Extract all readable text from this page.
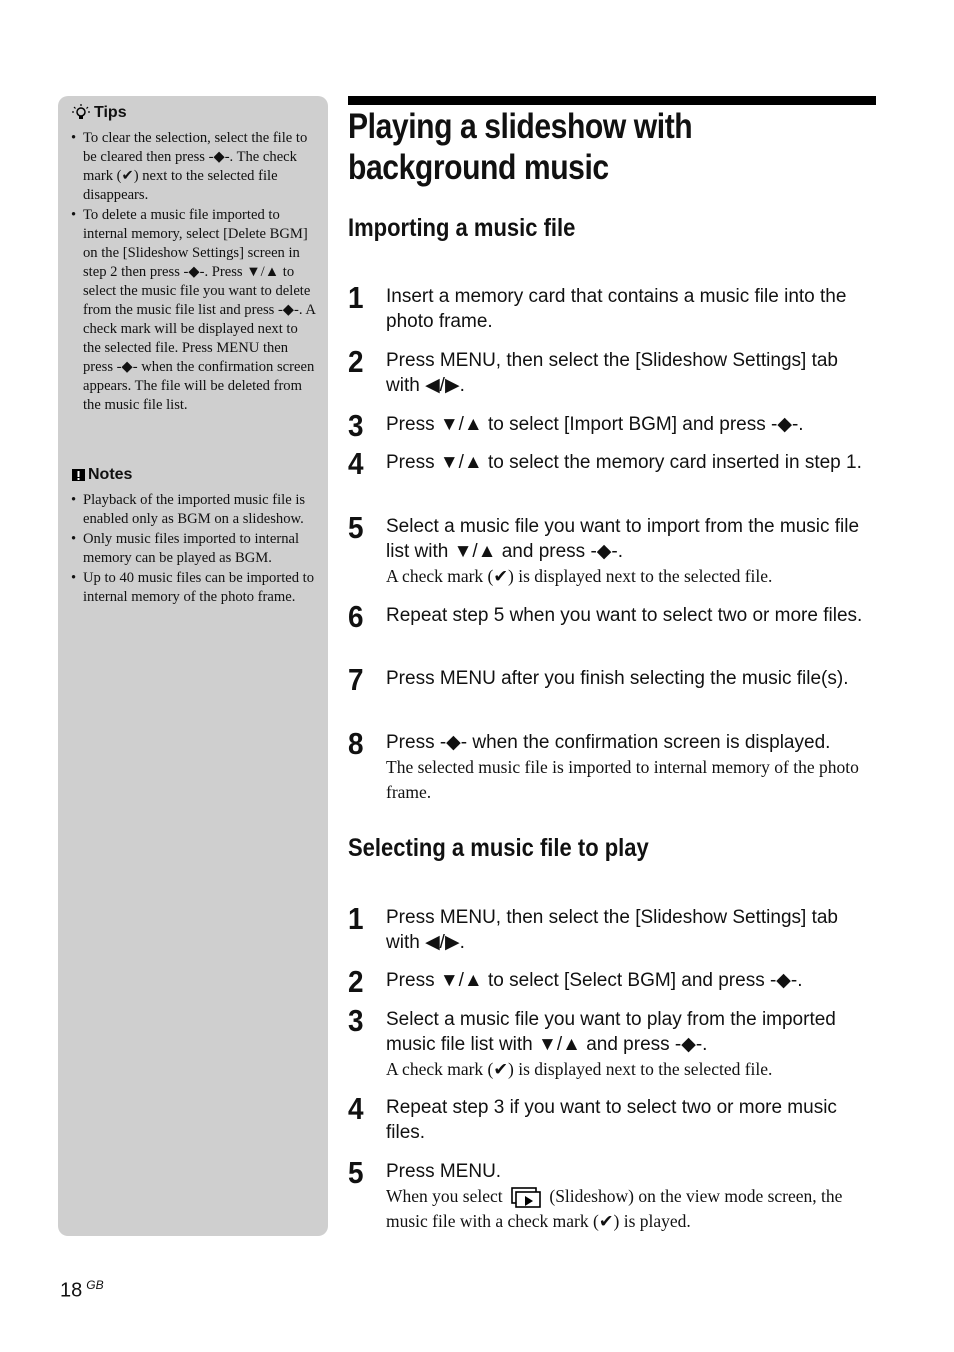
Tips
• To clear the selection, select the file to be cleared then press ‑◆‑. The check mark (✔) next to the selected file disappears.
• To delete a music file imported to internal memory, select [Delete BGM] on the [Slideshow Settings] screen in step 2 then press ‑◆‑. Press ▼/▲ to select the music file you want to delete from the music file list and press ‑◆‑. A check mark will be displayed next to the selected file. Press MENU then press ‑◆‑ when the confirmation screen appears. The file will be deleted from the music file list.
Notes
• Playback of the imported music file is enabled only as BGM on a slideshow.
• Only music files imported to internal memory can be played as BGM.
• Up to 40 music files can be imported to internal memory of the photo frame.
Playing a slideshow with background music
Importing a music file
1 Insert a memory card that contains a music file into the photo frame.
2 Press MENU, then select the [Slideshow Settings] tab with ◀/▶.
3 Press ▼/▲ to select [Import BGM] and press ‑◆‑.
4 Press ▼/▲ to select the memory card inserted in step 1.
5 Select a music file you want to import from the music file list with ▼/▲ and press ‑◆‑.
A check mark (✔) is displayed next to the selected file.
6 Repeat step 5 when you want to select two or more files.
7 Press MENU after you finish selecting the music file(s).
8 Press ‑◆‑ when the confirmation screen is displayed.
The selected music file is imported to internal memory of the photo frame.
Selecting a music file to play
1 Press MENU, then select the [Slideshow Settings] tab with ◀/▶.
2 Press ▼/▲ to select [Select BGM] and press ‑◆‑.
3 Select a music file you want to play from the imported music file list with ▼/▲ and press ‑◆‑.
A check mark (✔) is displayed next to the selected file.
4 Repeat step 3 if you want to select two or more music files.
5 Press MENU.
When you select	(Slideshow) on the view mode screen, the music file with a check mark (✔) is played.
18 $^{GB}$
